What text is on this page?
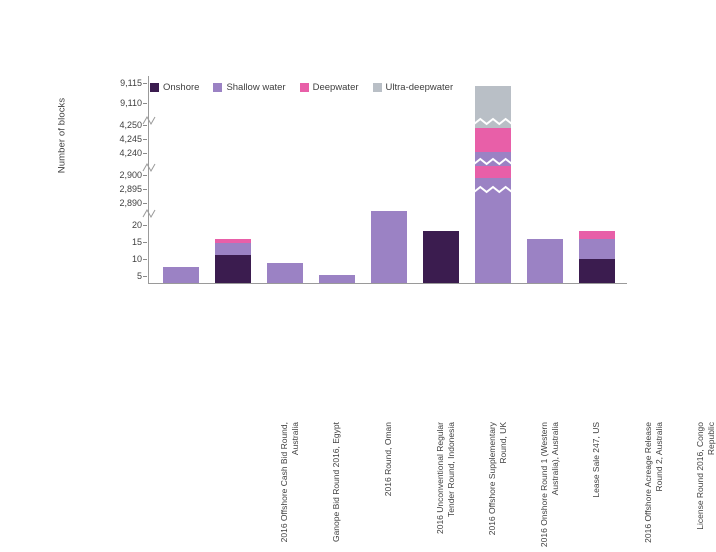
Onshore	Shallow water	Deepwater	Ultra-deepwater
Number of blocks
9,115
9,110
4,250
4,245
4,240
2,900
2,895
2,890
20
15
10
5
2016 Offshore Cash Bid Round, Australia	Ganope Bid Round 2016, Egypt	2016 Round, Oman	2016 Unconventional Regular Tender Round, Indonesia	2016 Offshore Supplementary Round, UK	2016 Onshore Round 1 (Western Australia), Australia	Lease Sale 247, US	2016 Offshore Acreage Release Round 2, Australia	License Round 2016, Congo Republic
